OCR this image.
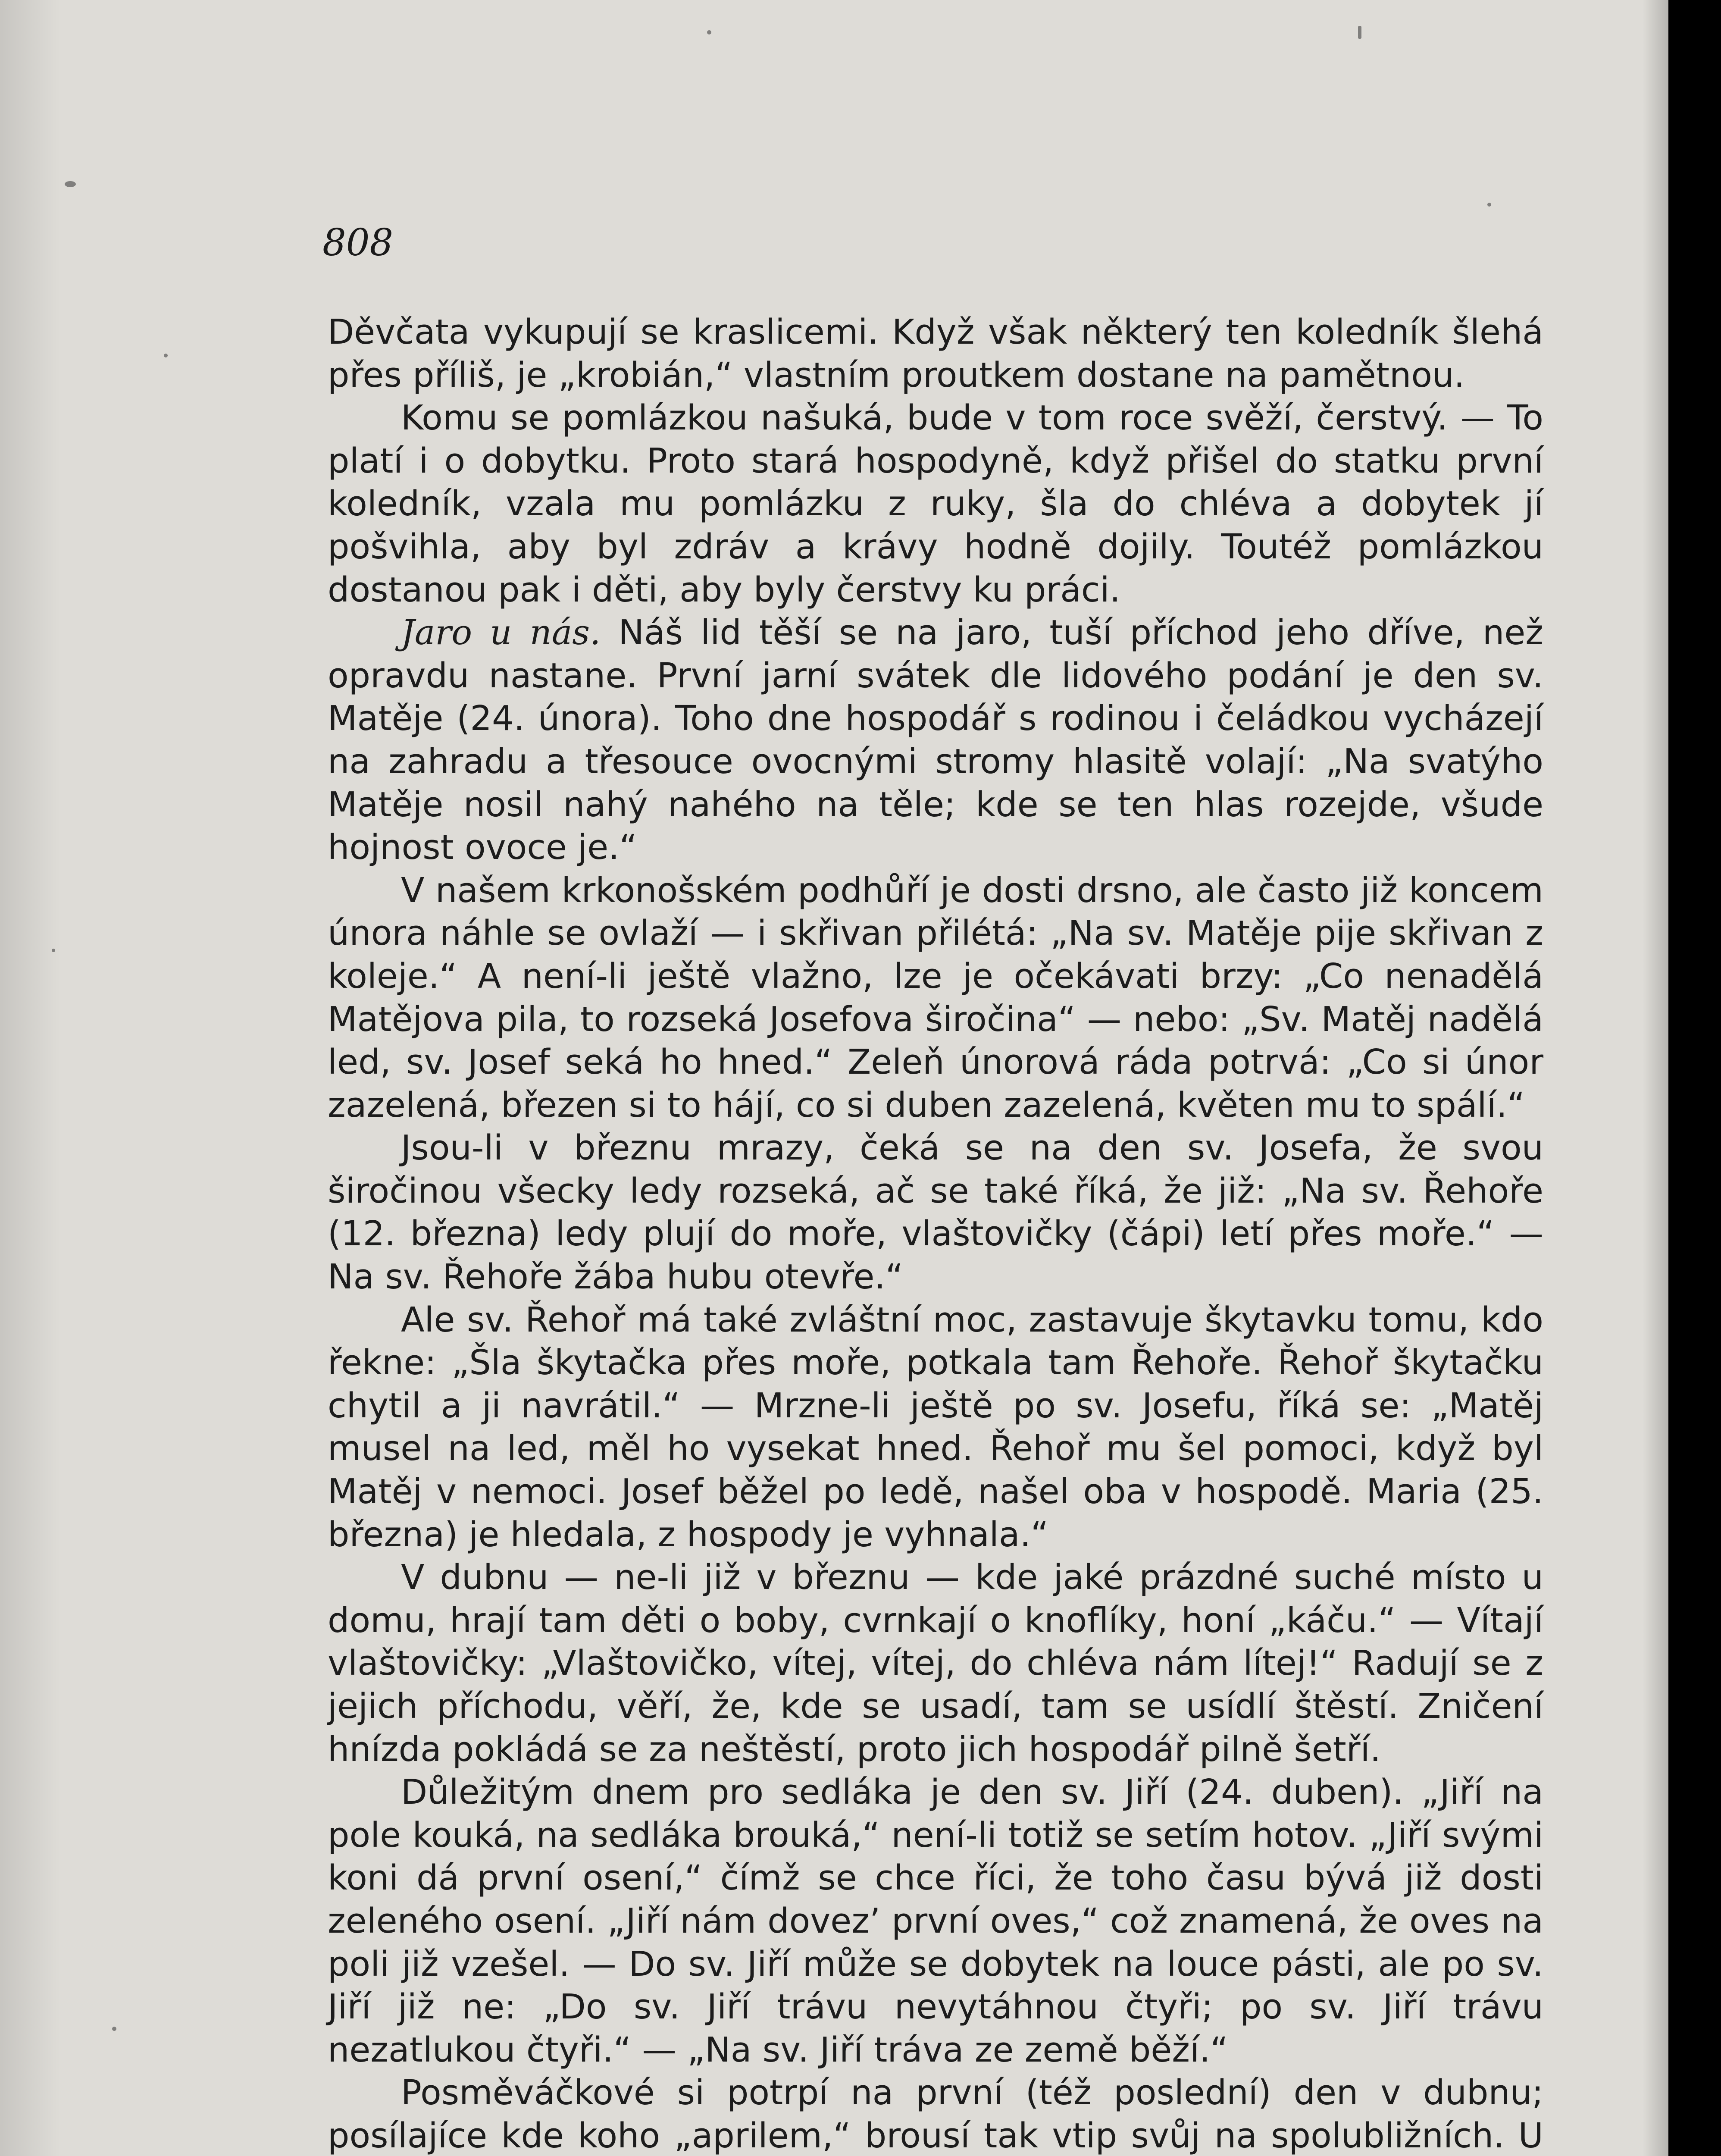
808

Děvčata vykupují se kraslicemi. Když však některý ten koledník šlehá přes příliš, je „krobián,“ vlastním proutkem dostane na pamětnou.

Komu se pomlázkou našuká, bude v tom roce svěží, čerstvý. — To platí i o dobytku. Proto stará hospodyně, když přišel do statku první koledník, vzala mu pomlázku z ruky, šla do chléva a dobytek jí pošvihla, aby byl zdráv a krávy hodně dojily. Toutéž pomlázkou dostanou pak i děti, aby byly čerstvy ku práci.

Jaro u nás. Náš lid těší se na jaro, tuší příchod jeho dříve, než opravdu nastane. První jarní svátek dle lidového podání je den sv. Matěje (24. února). Toho dne hospodář s rodinou i čeládkou vycházejí na zahradu a třesouce ovocnými stromy hlasitě volají: „Na svatýho Matěje nosil nahý nahého na těle; kde se ten hlas rozejde, všude hojnost ovoce je.“

V našem krkonošském podhůří je dosti drsno, ale často již koncem února náhle se ovlaží — i skřivan přilétá: „Na sv. Matěje pije skřivan z koleje.“ A není-li ještě vlažno, lze je očekávati brzy: „Co nenadělá Matějova pila, to rozseká Josefova širočina“ — nebo: „Sv. Matěj nadělá led, sv. Josef seká ho hned.“ Zeleň únorová ráda potrvá: „Co si únor zazelená, březen si to hájí, co si duben zazelená, květen mu to spálí.“

Jsou-li v březnu mrazy, čeká se na den sv. Josefa, že svou širočinou všecky ledy rozseká, ač se také říká, že již: „Na sv. Řehoře (12. března) ledy plují do moře, vlaštovičky (čápi) letí přes moře.“ — Na sv. Řehoře žába hubu otevře.“

Ale sv. Řehoř má také zvláštní moc, zastavuje škytavku tomu, kdo řekne: „Šla škytačka přes moře, potkala tam Řehoře. Řehoř škytačku chytil a ji navrátil.“ — Mrzne-li ještě po sv. Josefu, říká se: „Matěj musel na led, měl ho vysekat hned. Řehoř mu šel pomoci, když byl Matěj v nemoci. Josef běžel po ledě, našel oba v hospodě. Maria (25. března) je hledala, z hospody je vyhnala.“

V dubnu — ne-li již v březnu — kde jaké prázdné suché místo u domu, hrají tam děti o boby, cvrnkají o knoflíky, honí „káču.“ — Vítají vlaštovičky: „Vlaštovičko, vítej, vítej, do chléva nám lítej!“ Radují se z jejich příchodu, věří, že, kde se usadí, tam se usídlí štěstí. Zničení hnízda pokládá se za neštěstí, proto jich hospodář pilně šetří.

Důležitým dnem pro sedláka je den sv. Jiří (24. duben). „Jiří na pole kouká, na sedláka brouká,“ není-li totiž se setím hotov. „Jiří svými koni dá první osení,“ čímž se chce říci, že toho času bývá již dosti zeleného osení. „Jiří nám dovez’ první oves,“ což znamená, že oves na poli již vzešel. — Do sv. Jiří může se dobytek na louce pásti, ale po sv. Jiří již ne: „Do sv. Jiří trávu nevytáhnou čtyři; po sv. Jiří trávu nezatlukou čtyři.“ — „Na sv. Jiří tráva ze země běží.“

Posměváčkové si potrpí na první (též poslední) den v dubnu; posílajíce kde koho „aprilem,“ brousí tak vtip svůj na spolubližních. U
